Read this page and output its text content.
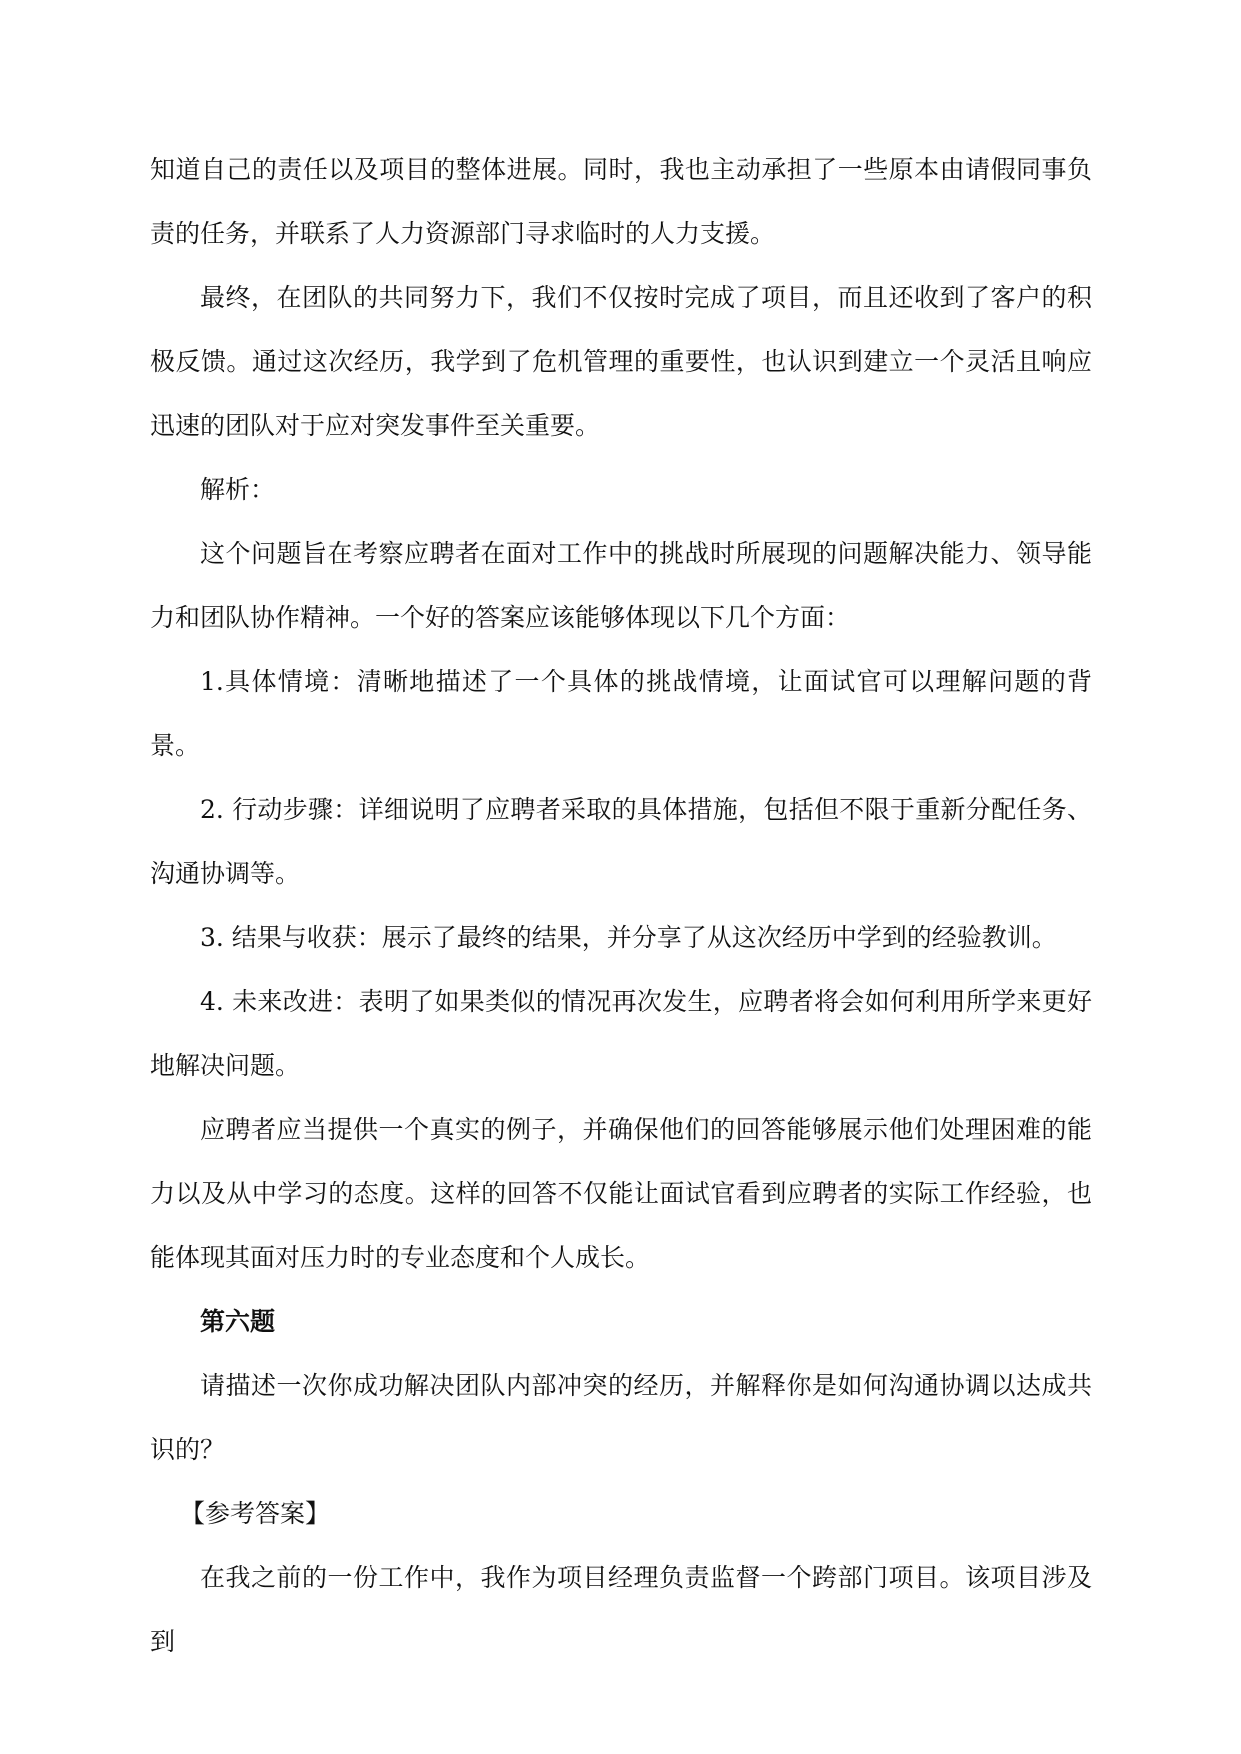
知道自己的责任以及项目的整体进展。同时，我也主动承担了一些原本由请假同事负责的任务，并联系了人力资源部门寻求临时的人力支援。

最终，在团队的共同努力下，我们不仅按时完成了项目，而且还收到了客户的积极反馈。通过这次经历，我学到了危机管理的重要性，也认识到建立一个灵活且响应迅速的团队对于应对突发事件至关重要。

解析：

这个问题旨在考察应聘者在面对工作中的挑战时所展现的问题解决能力、领导能力和团队协作精神。一个好的答案应该能够体现以下几个方面：

1.具体情境：清晰地描述了一个具体的挑战情境，让面试官可以理解问题的背景。

2. 行动步骤：详细说明了应聘者采取的具体措施，包括但不限于重新分配任务、沟通协调等。

3. 结果与收获：展示了最终的结果，并分享了从这次经历中学到的经验教训。

4. 未来改进：表明了如果类似的情况再次发生，应聘者将会如何利用所学来更好地解决问题。

应聘者应当提供一个真实的例子，并确保他们的回答能够展示他们处理困难的能力以及从中学习的态度。这样的回答不仅能让面试官看到应聘者的实际工作经验，也能体现其面对压力时的专业态度和个人成长。

第六题

请描述一次你成功解决团队内部冲突的经历，并解释你是如何沟通协调以达成共识的？

【参考答案】

在我之前的一份工作中，我作为项目经理负责监督一个跨部门项目。该项目涉及到
